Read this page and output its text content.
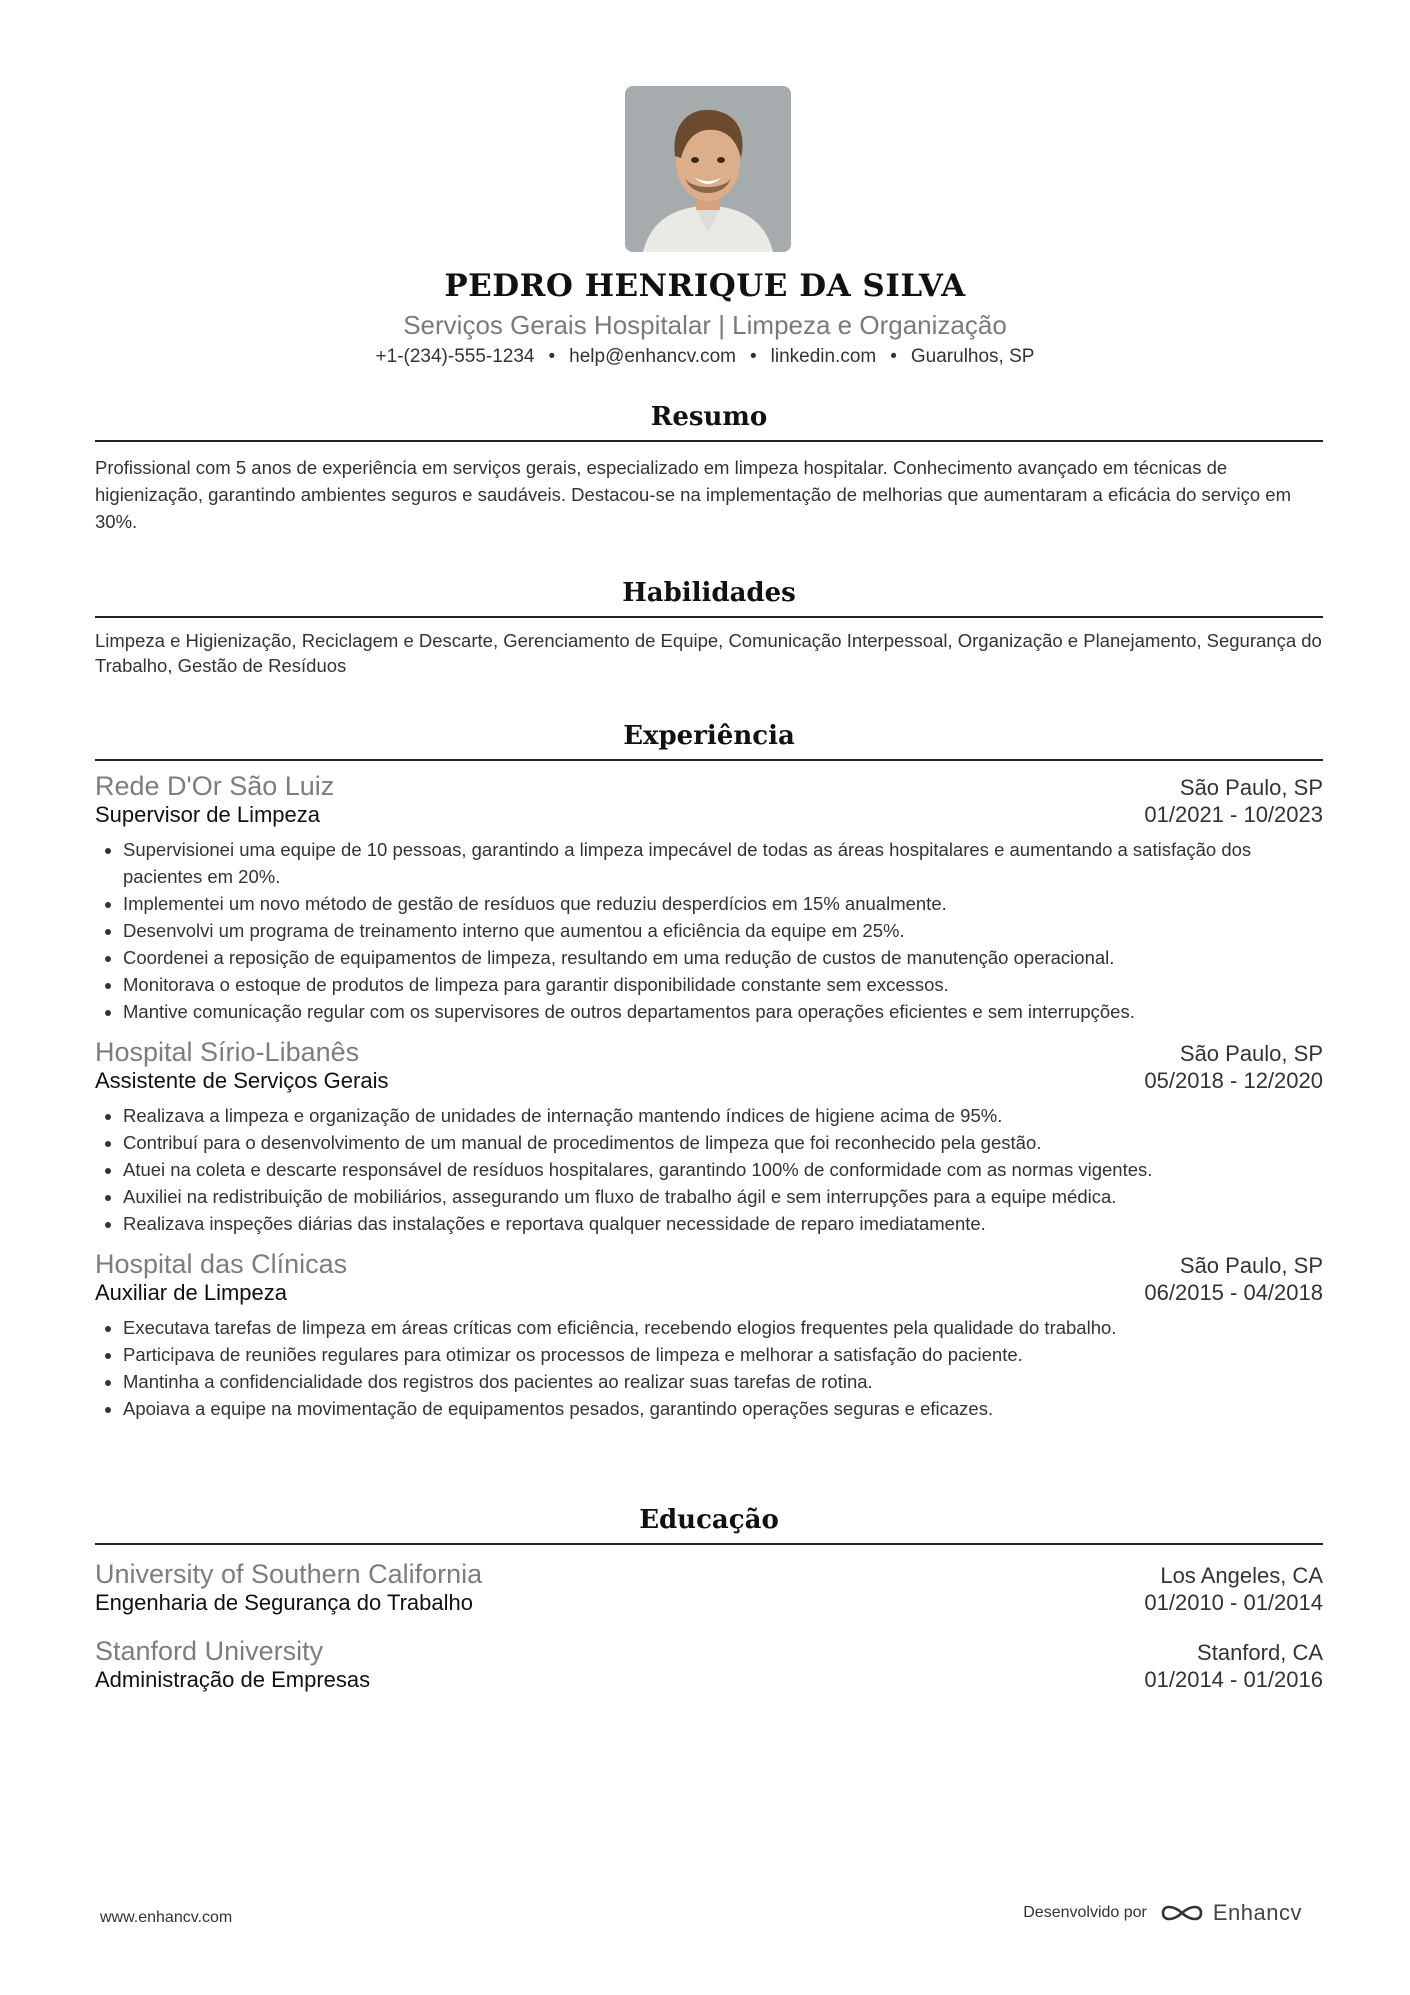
PEDRO HENRIQUE DA SILVA
Serviços Gerais Hospitalar | Limpeza e Organização
+1-(234)-555-1234 • help@enhancv.com • linkedin.com • Guarulhos, SP
Resumo
Profissional com 5 anos de experiência em serviços gerais, especializado em limpeza hospitalar. Conhecimento avançado em técnicas de higienização, garantindo ambientes seguros e saudáveis. Destacou-se na implementação de melhorias que aumentaram a eficácia do serviço em 30%.
Habilidades
Limpeza e Higienização, Reciclagem e Descarte, Gerenciamento de Equipe, Comunicação Interpessoal, Organização e Planejamento, Segurança do Trabalho, Gestão de Resíduos
Experiência
Rede D'Or São Luiz	São Paulo, SP
Supervisor de Limpeza	01/2021 - 10/2023
• Supervisionei uma equipe de 10 pessoas, garantindo a limpeza impecável de todas as áreas hospitalares e aumentando a satisfação dos pacientes em 20%.
• Implementei um novo método de gestão de resíduos que reduziu desperdícios em 15% anualmente.
• Desenvolvi um programa de treinamento interno que aumentou a eficiência da equipe em 25%.
• Coordenei a reposição de equipamentos de limpeza, resultando em uma redução de custos de manutenção operacional.
• Monitorava o estoque de produtos de limpeza para garantir disponibilidade constante sem excessos.
• Mantive comunicação regular com os supervisores de outros departamentos para operações eficientes e sem interrupções.
Hospital Sírio-Libanês	São Paulo, SP
Assistente de Serviços Gerais	05/2018 - 12/2020
• Realizava a limpeza e organização de unidades de internação mantendo índices de higiene acima de 95%.
• Contribuí para o desenvolvimento de um manual de procedimentos de limpeza que foi reconhecido pela gestão.
• Atuei na coleta e descarte responsável de resíduos hospitalares, garantindo 100% de conformidade com as normas vigentes.
• Auxiliei na redistribuição de mobiliários, assegurando um fluxo de trabalho ágil e sem interrupções para a equipe médica.
• Realizava inspeções diárias das instalações e reportava qualquer necessidade de reparo imediatamente.
Hospital das Clínicas	São Paulo, SP
Auxiliar de Limpeza	06/2015 - 04/2018
• Executava tarefas de limpeza em áreas críticas com eficiência, recebendo elogios frequentes pela qualidade do trabalho.
• Participava de reuniões regulares para otimizar os processos de limpeza e melhorar a satisfação do paciente.
• Mantinha a confidencialidade dos registros dos pacientes ao realizar suas tarefas de rotina.
• Apoiava a equipe na movimentação de equipamentos pesados, garantindo operações seguras e eficazes.
Educação
University of Southern California	Los Angeles, CA
Engenharia de Segurança do Trabalho	01/2010 - 01/2014
Stanford University	Stanford, CA
Administração de Empresas	01/2014 - 01/2016
www.enhancv.com	Desenvolvido por	Enhancv
